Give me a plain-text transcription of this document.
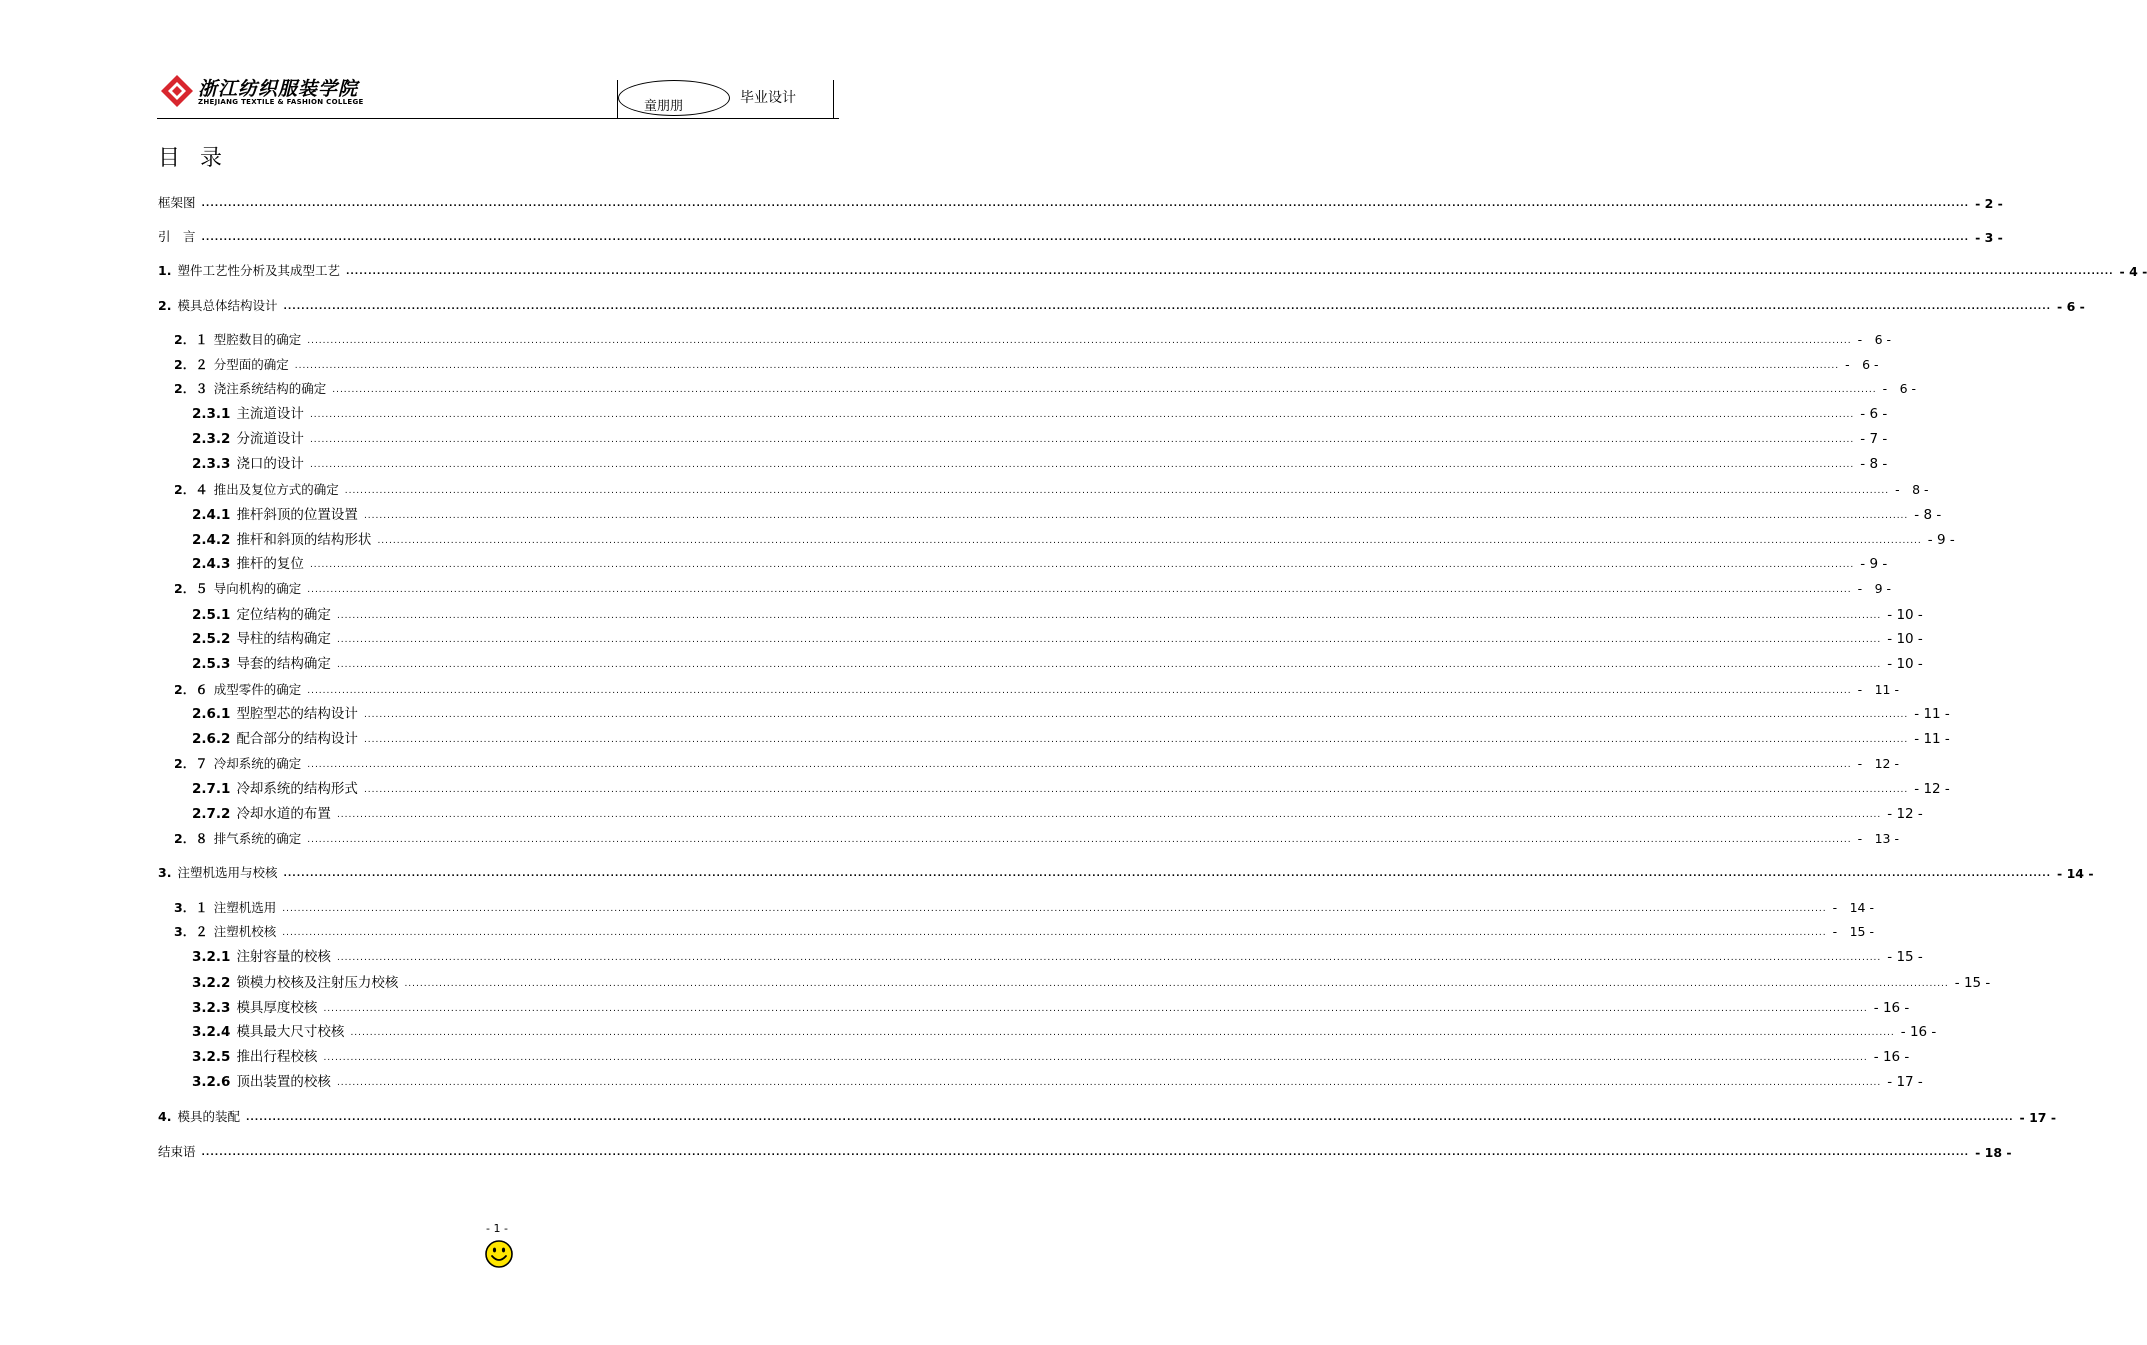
浙江纺织服装学院
ZHEJIANG TEXTILE & FASHION COLLEGE	童朋朋
毕业设计
目录
框架图 ................................................................................................................................................................................................................................................................................................................................................................................................................ - 2 -
引　言 ................................................................................................................................................................................................................................................................................................................................................................................................................ - 3 -
1. 塑件工艺性分析及其成型工艺 ................................................................................................................................................................................................................................................................................................................................................................................................................ - 4 -
2. 模具总体结构设计 ................................................................................................................................................................................................................................................................................................................................................................................................................ - 6 -
2．１ 型腔数目的确定 ................................................................................................................................................................................................................................................................................................................................................................................................................ -　6 -
2．２ 分型面的确定 ................................................................................................................................................................................................................................................................................................................................................................................................................ -　6 -
2．３ 浇注系统结构的确定 ................................................................................................................................................................................................................................................................................................................................................................................................................ -　6 -
2.3.1 主流道设计 ................................................................................................................................................................................................................................................................................................................................................................................................................ - 6 -
2.3.2 分流道设计 ................................................................................................................................................................................................................................................................................................................................................................................................................ - 7 -
2.3.3 浇口的设计 ................................................................................................................................................................................................................................................................................................................................................................................................................ - 8 -
2．４ 推出及复位方式的确定 ................................................................................................................................................................................................................................................................................................................................................................................................................ -　8 -
2.4.1 推杆斜顶的位置设置 ................................................................................................................................................................................................................................................................................................................................................................................................................ - 8 -
2.4.2 推杆和斜顶的结构形状 ................................................................................................................................................................................................................................................................................................................................................................................................................ - 9 -
2.4.3 推杆的复位 ................................................................................................................................................................................................................................................................................................................................................................................................................ - 9 -
2．５ 导向机构的确定 ................................................................................................................................................................................................................................................................................................................................................................................................................ -　9 -
2.5.1 定位结构的确定 ................................................................................................................................................................................................................................................................................................................................................................................................................ - 10 -
2.5.2 导柱的结构确定 ................................................................................................................................................................................................................................................................................................................................................................................................................ - 10 -
2.5.3 导套的结构确定 ................................................................................................................................................................................................................................................................................................................................................................................................................ - 10 -
2．６ 成型零件的确定 ................................................................................................................................................................................................................................................................................................................................................................................................................ -　11 -
2.6.1 型腔型芯的结构设计 ................................................................................................................................................................................................................................................................................................................................................................................................................ - 11 -
2.6.2 配合部分的结构设计 ................................................................................................................................................................................................................................................................................................................................................................................................................ - 11 -
2．７ 冷却系统的确定 ................................................................................................................................................................................................................................................................................................................................................................................................................ -　12 -
2.7.1 冷却系统的结构形式 ................................................................................................................................................................................................................................................................................................................................................................................................................ - 12 -
2.7.2 冷却水道的布置 ................................................................................................................................................................................................................................................................................................................................................................................................................ - 12 -
2．８ 排气系统的确定 ................................................................................................................................................................................................................................................................................................................................................................................................................ -　13 -
3. 注塑机选用与校核 ................................................................................................................................................................................................................................................................................................................................................................................................................ - 14 -
3．１ 注塑机选用 ................................................................................................................................................................................................................................................................................................................................................................................................................ -　14 -
3．２ 注塑机校核 ................................................................................................................................................................................................................................................................................................................................................................................................................ -　15 -
3.2.1 注射容量的校核 ................................................................................................................................................................................................................................................................................................................................................................................................................ - 15 -
3.2.2 锁模力校核及注射压力校核 ................................................................................................................................................................................................................................................................................................................................................................................................................ - 15 -
3.2.3 模具厚度校核 ................................................................................................................................................................................................................................................................................................................................................................................................................ - 16 -
3.2.4 模具最大尺寸校核 ................................................................................................................................................................................................................................................................................................................................................................................................................ - 16 -
3.2.5 推出行程校核 ................................................................................................................................................................................................................................................................................................................................................................................................................ - 16 -
3.2.6 顶出装置的校核 ................................................................................................................................................................................................................................................................................................................................................................................................................ - 17 -
4. 模具的装配 ................................................................................................................................................................................................................................................................................................................................................................................................................ - 17 -
结束语 ................................................................................................................................................................................................................................................................................................................................................................................................................ - 18 -
- 1 -
